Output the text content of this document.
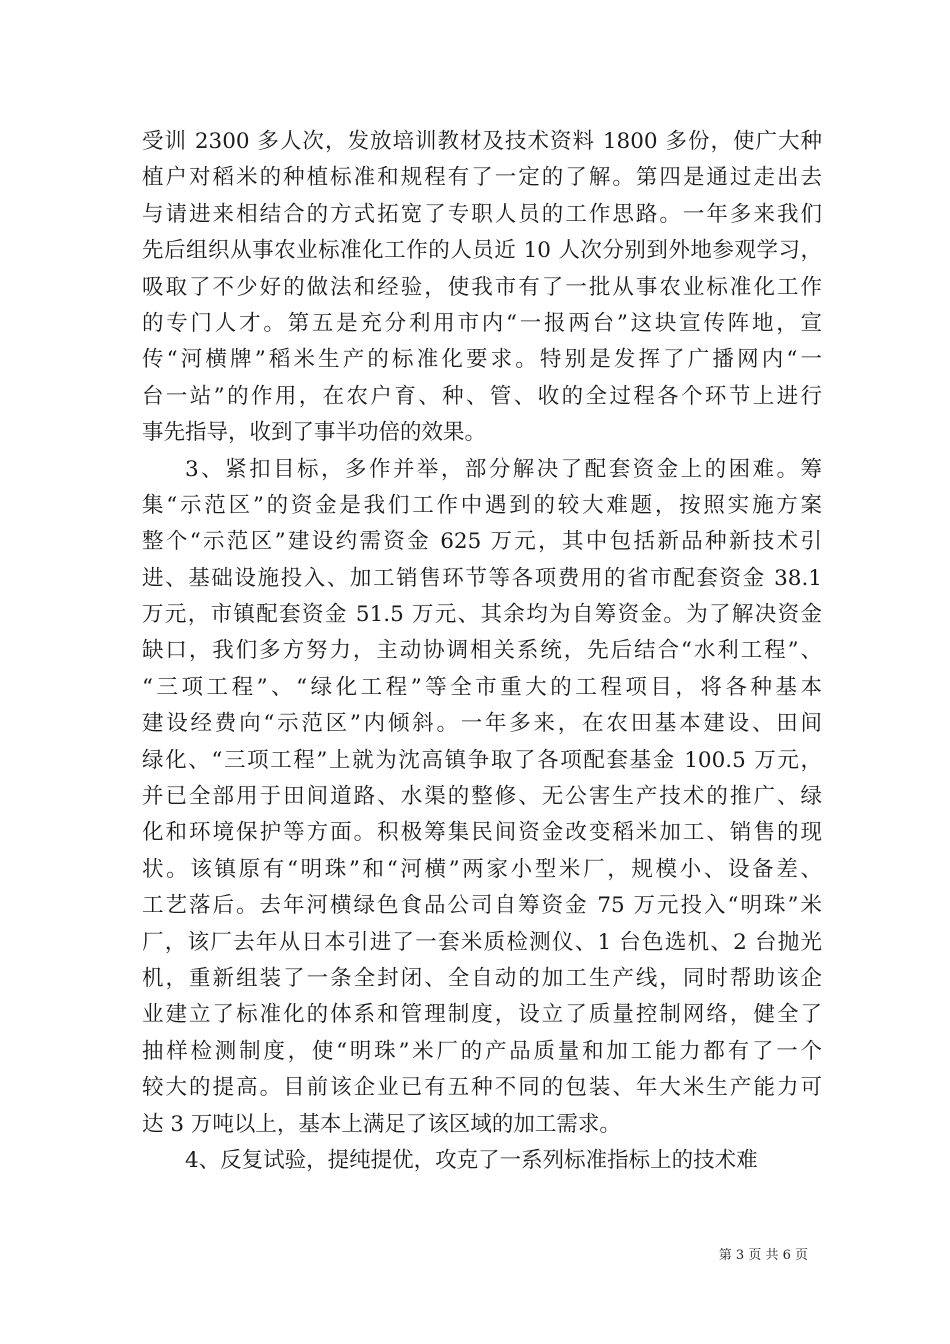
受训 2300 多人次，发放培训教材及技术资料 1800 多份，使广大种
植户对稻米的种植标准和规程有了一定的了解。第四是通过走出去
与请进来相结合的方式拓宽了专职人员的工作思路。一年多来我们
先后组织从事农业标准化工作的人员近 10 人次分别到外地参观学习，
吸取了不少好的做法和经验，使我市有了一批从事农业标准化工作
的专门人才。第五是充分利用市内“一报两台”这块宣传阵地，宣
传“河横牌”稻米生产的标准化要求。特别是发挥了广播网内“一
台一站”的作用，在农户育、种、管、收的全过程各个环节上进行
事先指导，收到了事半功倍的效果。
3、紧扣目标，多作并举，部分解决了配套资金上的困难。筹
集“示范区”的资金是我们工作中遇到的较大难题，按照实施方案
整个“示范区”建设约需资金 625 万元，其中包括新品种新技术引
进、基础设施投入、加工销售环节等各项费用的省市配套资金 38.1
万元，市镇配套资金 51.5 万元、其余均为自筹资金。为了解决资金
缺口，我们多方努力，主动协调相关系统，先后结合“水利工程”、
“三项工程”、“绿化工程”等全市重大的工程项目，将各种基本
建设经费向“示范区”内倾斜。一年多来，在农田基本建设、田间
绿化、“三项工程”上就为沈高镇争取了各项配套基金 100.5 万元，
并已全部用于田间道路、水渠的整修、无公害生产技术的推广、绿
化和环境保护等方面。积极筹集民间资金改变稻米加工、销售的现
状。该镇原有“明珠”和“河横”两家小型米厂，规模小、设备差、
工艺落后。去年河横绿色食品公司自筹资金 75 万元投入“明珠”米
厂，该厂去年从日本引进了一套米质检测仪、1 台色选机、2 台抛光
机，重新组装了一条全封闭、全自动的加工生产线，同时帮助该企
业建立了标准化的体系和管理制度，设立了质量控制网络，健全了
抽样检测制度，使“明珠”米厂的产品质量和加工能力都有了一个
较大的提高。目前该企业已有五种不同的包装、年大米生产能力可
达 3 万吨以上，基本上满足了该区域的加工需求。
4、反复试验，提纯提优，攻克了一系列标准指标上的技术难
第 3 页 共 6 页
